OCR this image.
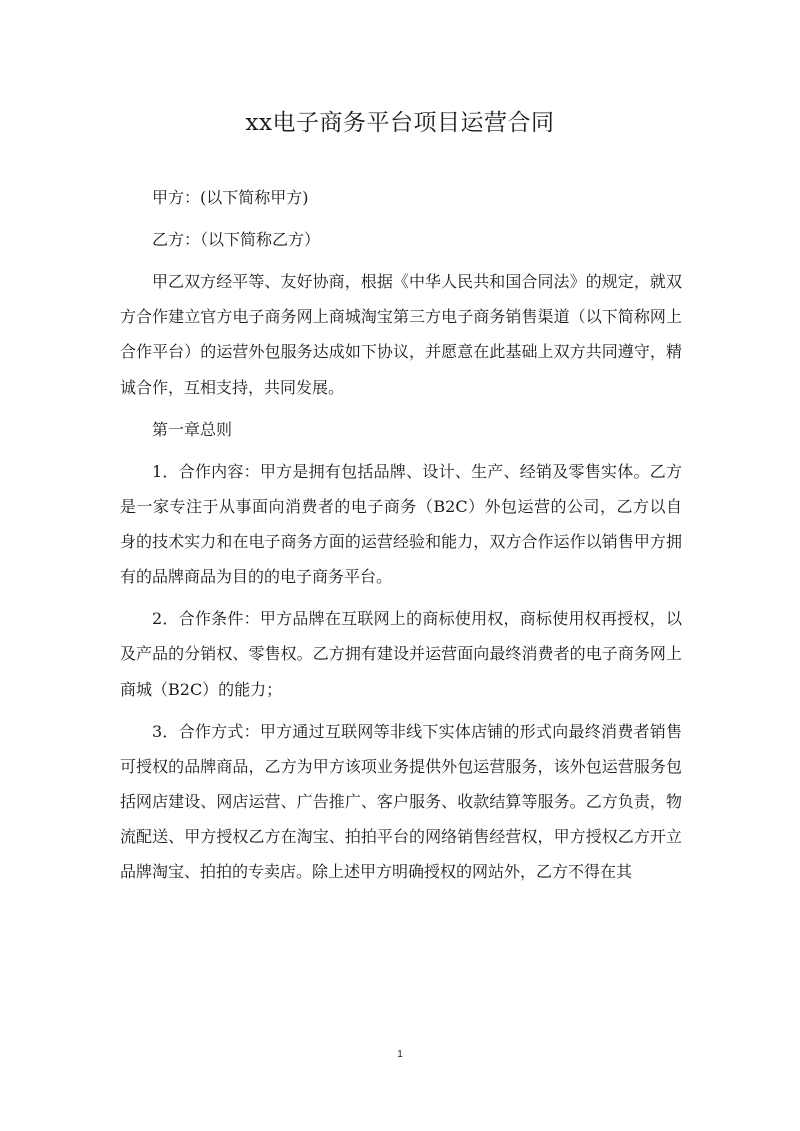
xx电子商务平台项目运营合同

甲方：(以下简称甲方)

乙方：（以下简称乙方）

甲乙双方经平等、友好协商，根据《中华人民共和国合同法》的规定，就双方合作建立官方电子商务网上商城淘宝第三方电子商务销售渠道（以下简称网上合作平台）的运营外包服务达成如下协议，并愿意在此基础上双方共同遵守，精诚合作，互相支持，共同发展。

第一章总则

1．合作内容：甲方是拥有包括品牌、设计、生产、经销及零售实体。乙方是一家专注于从事面向消费者的电子商务（B2C）外包运营的公司，乙方以自身的技术实力和在电子商务方面的运营经验和能力，双方合作运作以销售甲方拥有的品牌商品为目的的电子商务平台。

2．合作条件：甲方品牌在互联网上的商标使用权，商标使用权再授权，以及产品的分销权、零售权。乙方拥有建设并运营面向最终消费者的电子商务网上商城（B2C）的能力；

3．合作方式：甲方通过互联网等非线下实体店铺的形式向最终消费者销售可授权的品牌商品，乙方为甲方该项业务提供外包运营服务，该外包运营服务包括网店建设、网店运营、广告推广、客户服务、收款结算等服务。乙方负责，物流配送、甲方授权乙方在淘宝、拍拍平台的网络销售经营权，甲方授权乙方开立品牌淘宝、拍拍的专卖店。除上述甲方明确授权的网站外，乙方不得在其

1
